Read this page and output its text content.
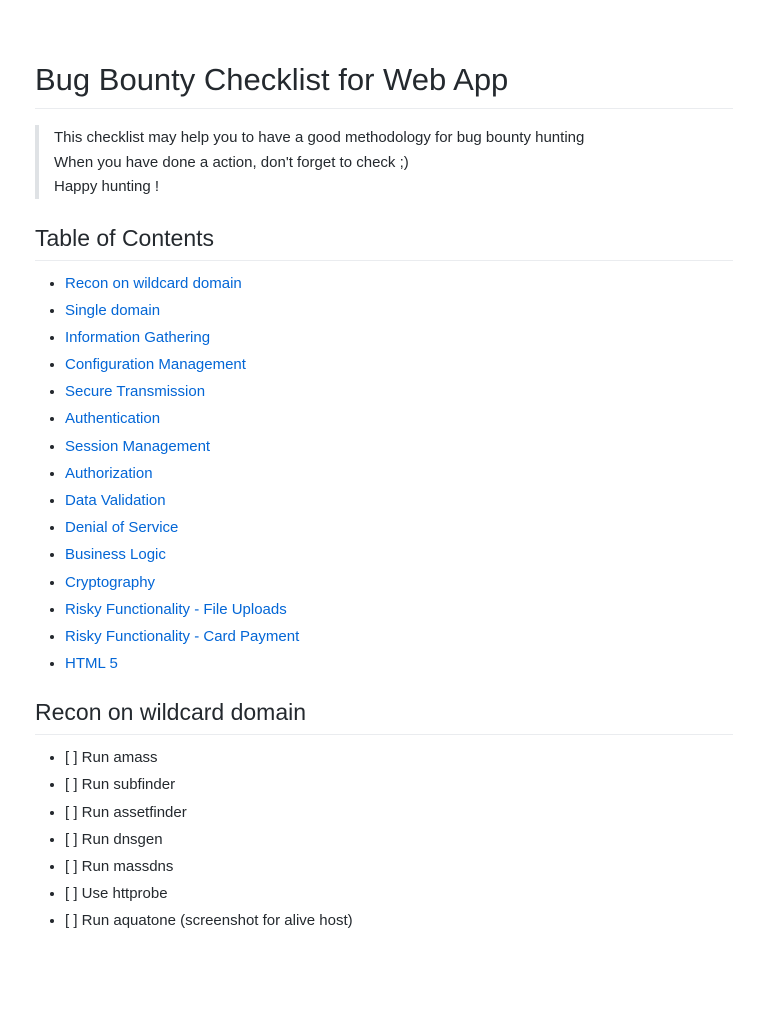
Bug Bounty Checklist for Web App

This checklist may help you to have a good methodology for bug bounty hunting

When you have done a action, don't forget to check ;)

Happy hunting !

Table of Contents
• Recon on wildcard domain
• Single domain
• Information Gathering
• Configuration Management
• Secure Transmission
• Authentication
• Session Management
• Authorization
• Data Validation
• Denial of Service
• Business Logic
• Cryptography
• Risky Functionality - File Uploads
• Risky Functionality - Card Payment
• HTML 5
Recon on wildcard domain
• [ ] Run amass
• [ ] Run subfinder
• [ ] Run assetfinder
• [ ] Run dnsgen
• [ ] Run massdns
• [ ] Use httprobe
• [ ] Run aquatone (screenshot for alive host)
